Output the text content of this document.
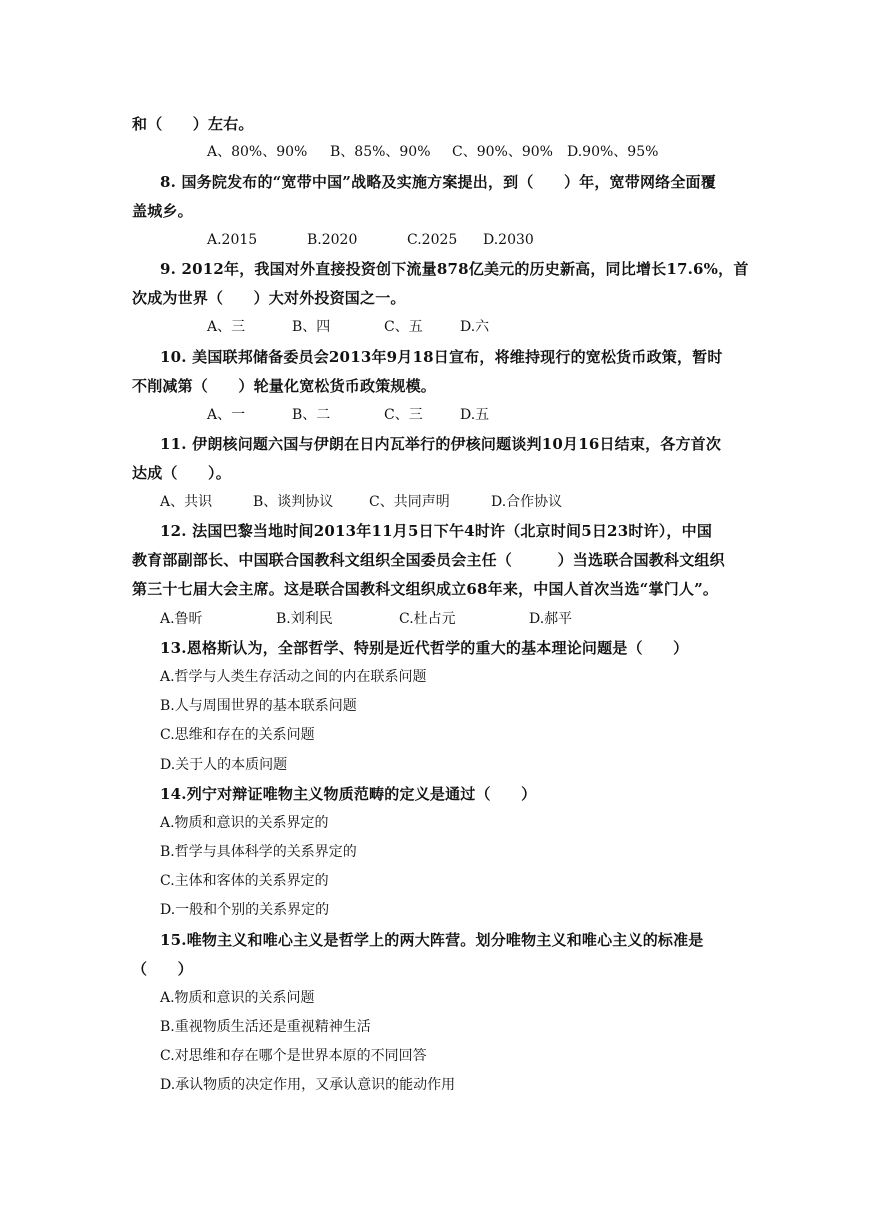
和（　　）左右。
A、80%、90% B、85%、90% C、90%、90% D.90%、95%
8. 国务院发布的“宽带中国”战略及实施方案提出，到（　　）年，宽带网络全面覆
盖城乡。
A.2015	B.2020	C.2025 D.2030
9. 2012年，我国对外直接投资创下流量878亿美元的历史新高，同比增长17.6%，首
次成为世界（　　）大对外投资国之一。
A、三	B、四	C、五	D.六
10. 美国联邦储备委员会2013年9月18日宣布，将维持现行的宽松货币政策，暂时
不削减第（　　）轮量化宽松货币政策规模。
A、一	B、二	C、三	D.五
11. 伊朗核问题六国与伊朗在日内瓦举行的伊核问题谈判10月16日结束，各方首次
达成（　　）。
A、共识	B、谈判协议	C、共同声明	D.合作协议
12. 法国巴黎当地时间2013年11月5日下午4时许（北京时间5日23时许），中国
教育部副部长、中国联合国教科文组织全国委员会主任（　　　）当选联合国教科文组织
第三十七届大会主席。这是联合国教科文组织成立68年来，中国人首次当选“掌门人”。
A.鲁昕	B.刘利民	C.杜占元	D.郝平
13.恩格斯认为，全部哲学、特别是近代哲学的重大的基本理论问题是（　　）
A.哲学与人类生存活动之间的内在联系问题
B.人与周围世界的基本联系问题
C.思维和存在的关系问题
D.关于人的本质问题
14.列宁对辩证唯物主义物质范畴的定义是通过（　　）
A.物质和意识的关系界定的
B.哲学与具体科学的关系界定的
C.主体和客体的关系界定的
D.一般和个别的关系界定的
15.唯物主义和唯心主义是哲学上的两大阵营。划分唯物主义和唯心主义的标准是
（　　）
A.物质和意识的关系问题
B.重视物质生活还是重视精神生活
C.对思维和存在哪个是世界本原的不同回答
D.承认物质的决定作用，又承认意识的能动作用
